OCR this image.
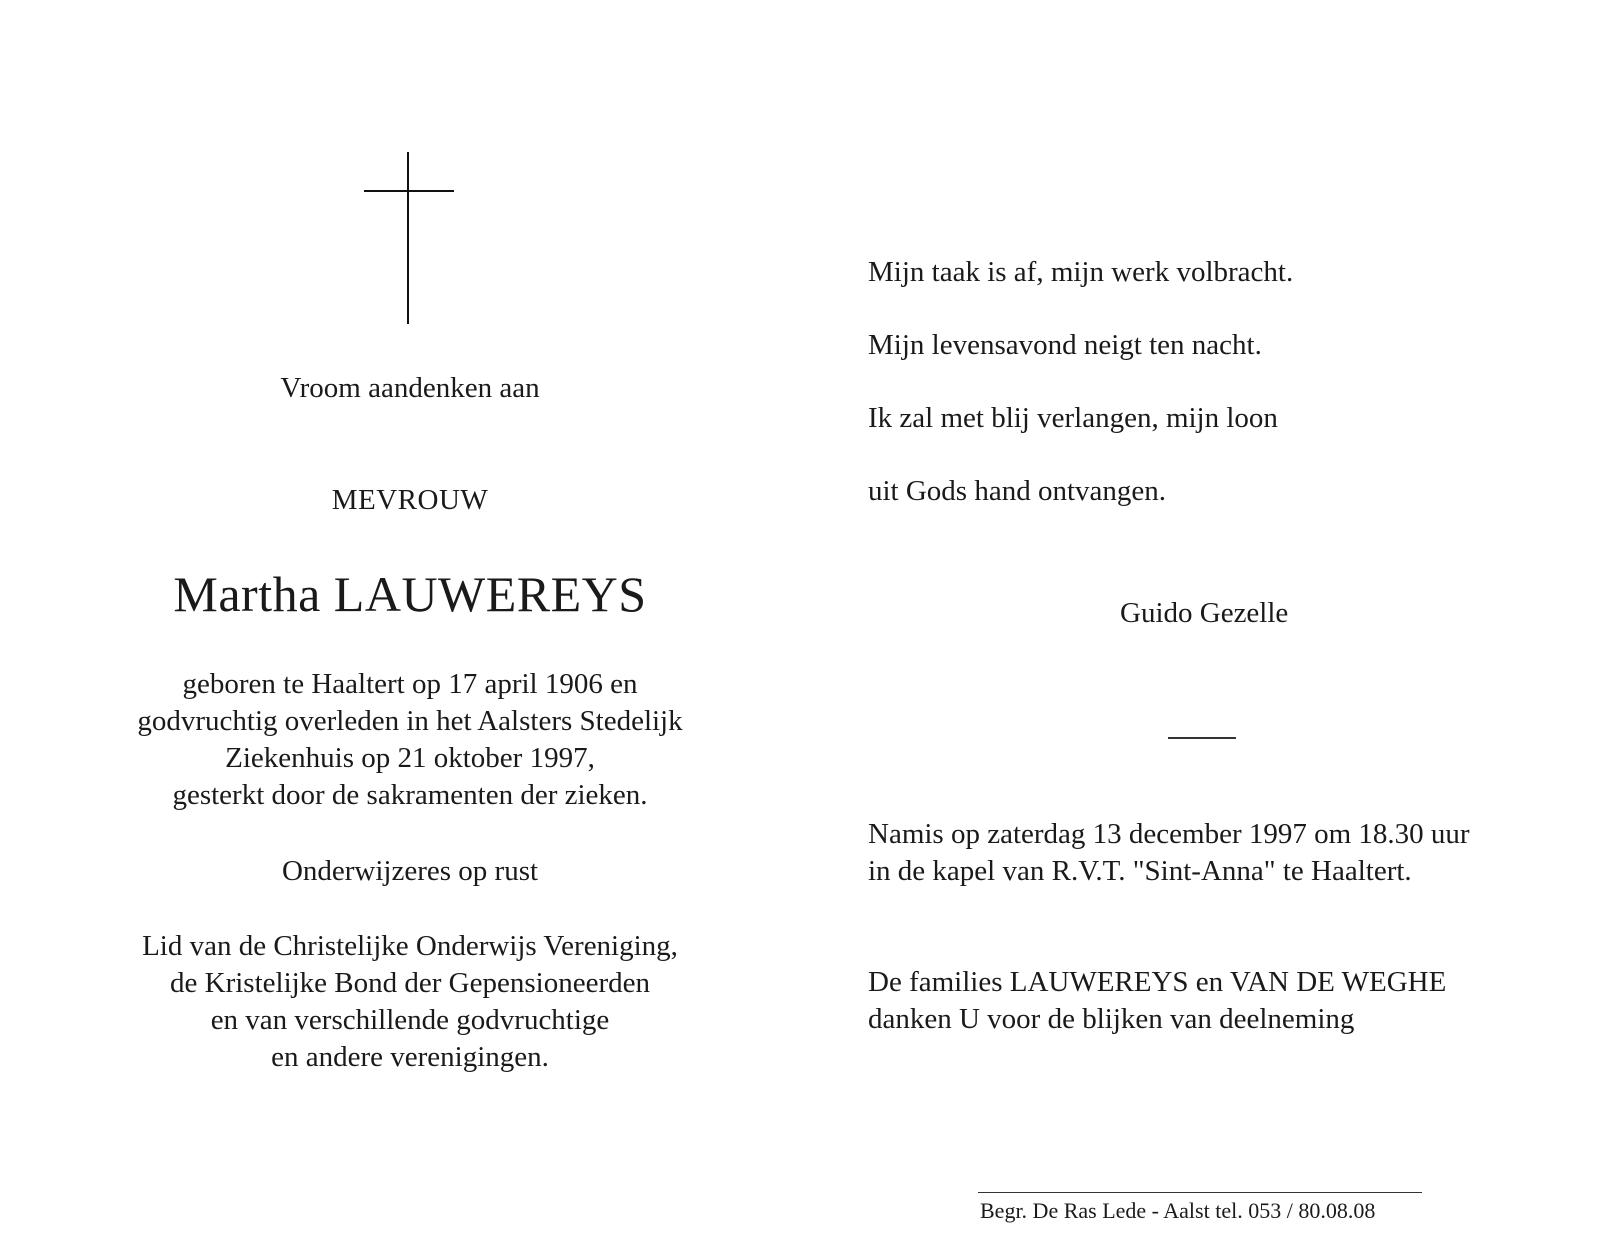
Vroom aandenken aan
MEVROUW
Martha LAUWEREYS
geboren te Haaltert op 17 april 1906 en
godvruchtig overleden in het Aalsters Stedelijk
Ziekenhuis op 21 oktober 1997,
gesterkt door de sakramenten der zieken.
Onderwijzeres op rust
Lid van de Christelijke Onderwijs Vereniging,
de Kristelijke Bond der Gepensioneerden
en van verschillende godvruchtige
en andere verenigingen.
Mijn taak is af, mijn werk volbracht.
Mijn levensavond neigt ten nacht.
Ik zal met blij verlangen, mijn loon
uit Gods hand ontvangen.
Guido Gezelle
Namis op zaterdag 13 december 1997 om 18.30 uur
in de kapel van R.V.T. "Sint-Anna" te Haaltert.
De families LAUWEREYS en VAN DE WEGHE
danken U voor de blijken van deelneming
Begr. De Ras Lede - Aalst tel. 053 / 80.08.08
